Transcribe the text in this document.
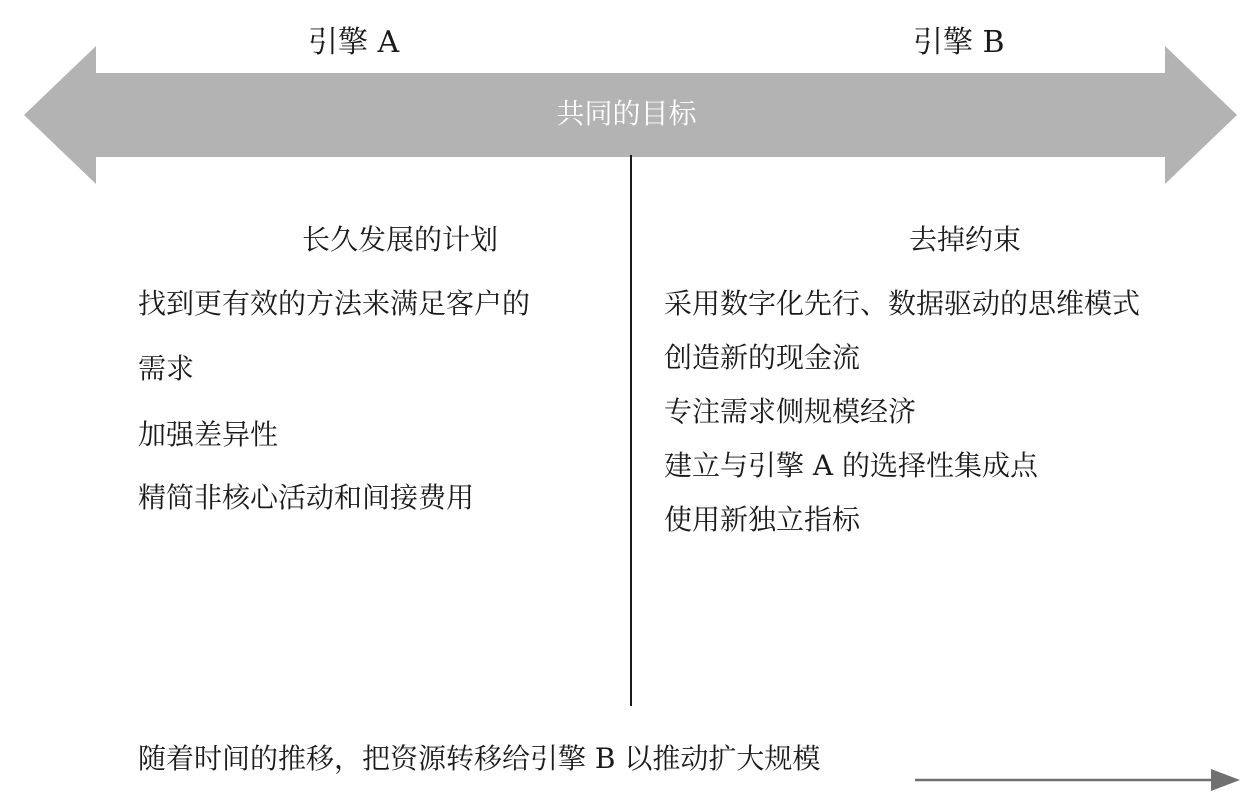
引擎 A	引擎 B
共同的目标
长久发展的计划	去掉约束
找到更有效的方法来满足客户的
需求
加强差异性
精简非核心活动和间接费用
采用数字化先行、数据驱动的思维模式
创造新的现金流
专注需求侧规模经济
建立与引擎 A 的选择性集成点
使用新独立指标
随着时间的推移，把资源转移给引擎 B 以推动扩大规模
